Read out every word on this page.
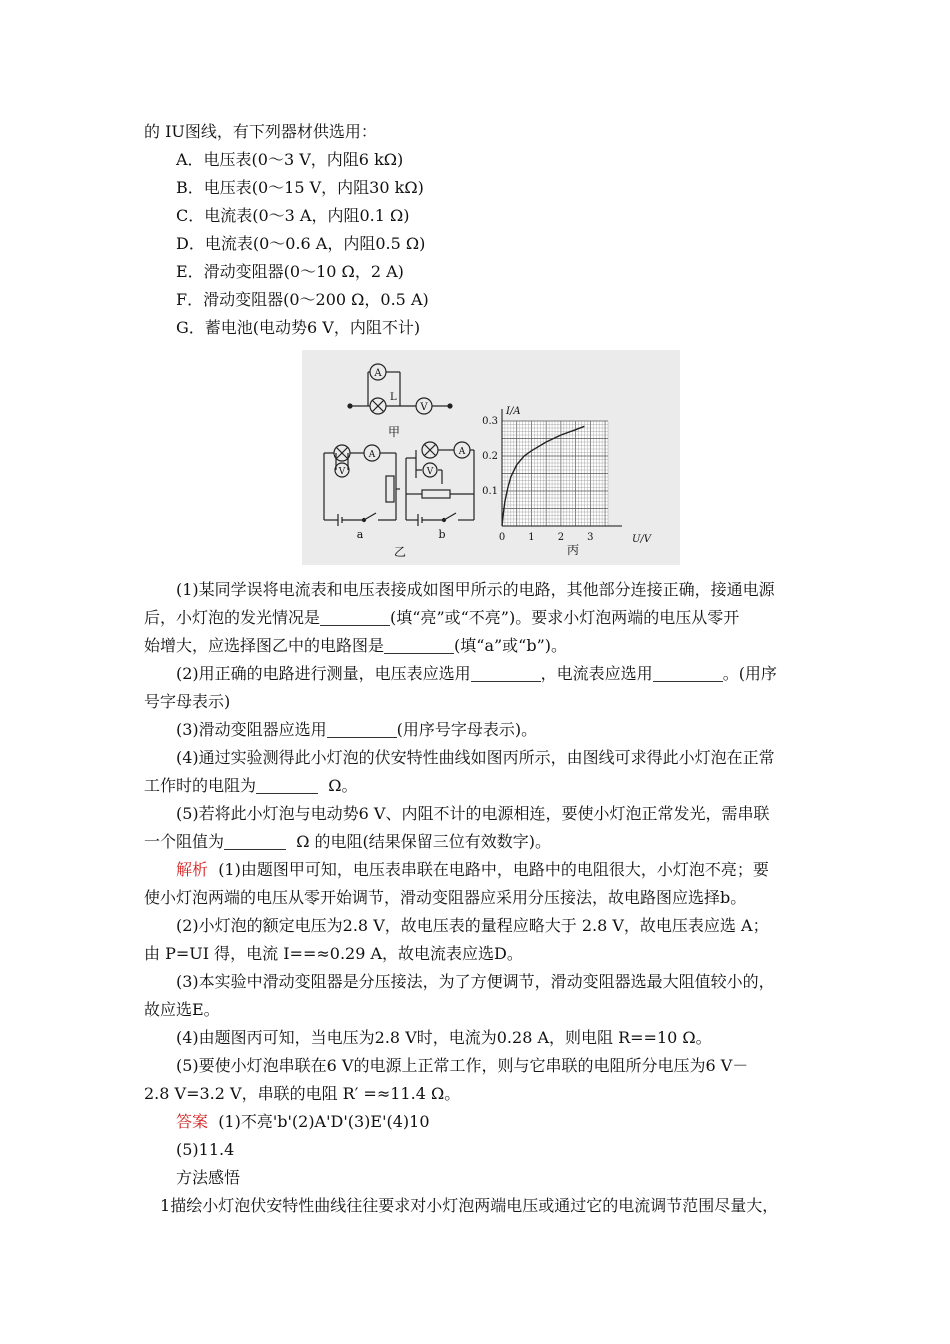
的 IU图线，有下列器材供选用：
A．电压表(0～3 V，内阻6 kΩ)
B．电压表(0～15 V，内阻30 kΩ)
C．电流表(0～3 A，内阻0.1 Ω)
D．电流表(0～0.6 A，内阻0.5 Ω)
E．滑动变阻器(0～10 Ω，2 A)
F．滑动变阻器(0～200 Ω，0.5 A)
G．蓄电池(电动势6 V，内阻不计)
A
L
V
甲
A
V
a
V
A
b
乙
0 1 2 3
0.1
0.2
0.3
I/A
U/V
丙
(1)某同学误将电流表和电压表接成如图甲所示的电路，其他部分连接正确，接通电源
后，小灯泡的发光情况是	(填“亮”或“不亮”)。要求小灯泡两端的电压从零开
始增大，应选择图乙中的电路图是	(填“a”或“b”)。
(2)用正确的电路进行测量，电压表应选用	，电流表应选用	。(用序
号字母表示)
(3)滑动变阻器应选用	(用序号字母表示)。
(4)通过实验测得此小灯泡的伏安特性曲线如图丙所示，由图线可求得此小灯泡在正常
工作时的电阻为	Ω。
(5)若将此小灯泡与电动势6 V、内阻不计的电源相连，要使小灯泡正常发光，需串联
一个阻值为	Ω 的电阻(结果保留三位有效数字)。
解析 (1)由题图甲可知，电压表串联在电路中，电路中的电阻很大，小灯泡不亮；要
使小灯泡两端的电压从零开始调节，滑动变阻器应采用分压接法，故电路图应选择b。
(2)小灯泡的额定电压为2.8 V，故电压表的量程应略大于 2.8 V，故电压表应选 A；
由 P=UI 得，电流 I==≈0.29 A，故电流表应选D。
(3)本实验中滑动变阻器是分压接法，为了方便调节，滑动变阻器选最大阻值较小的，
故应选E。
(4)由题图丙可知，当电压为2.8 V时，电流为0.28 A，则电阻 R==10 Ω。
(5)要使小灯泡串联在6 V的电源上正常工作，则与它串联的电阻所分电压为6 V－
2.8 V=3.2 V，串联的电阻 R′ =≈11.4 Ω。
答案 (1)不亮'b'(2)A'D'(3)E'(4)10
(5)11.4
方法感悟
1描绘小灯泡伏安特性曲线往往要求对小灯泡两端电压或通过它的电流调节范围尽量大，
